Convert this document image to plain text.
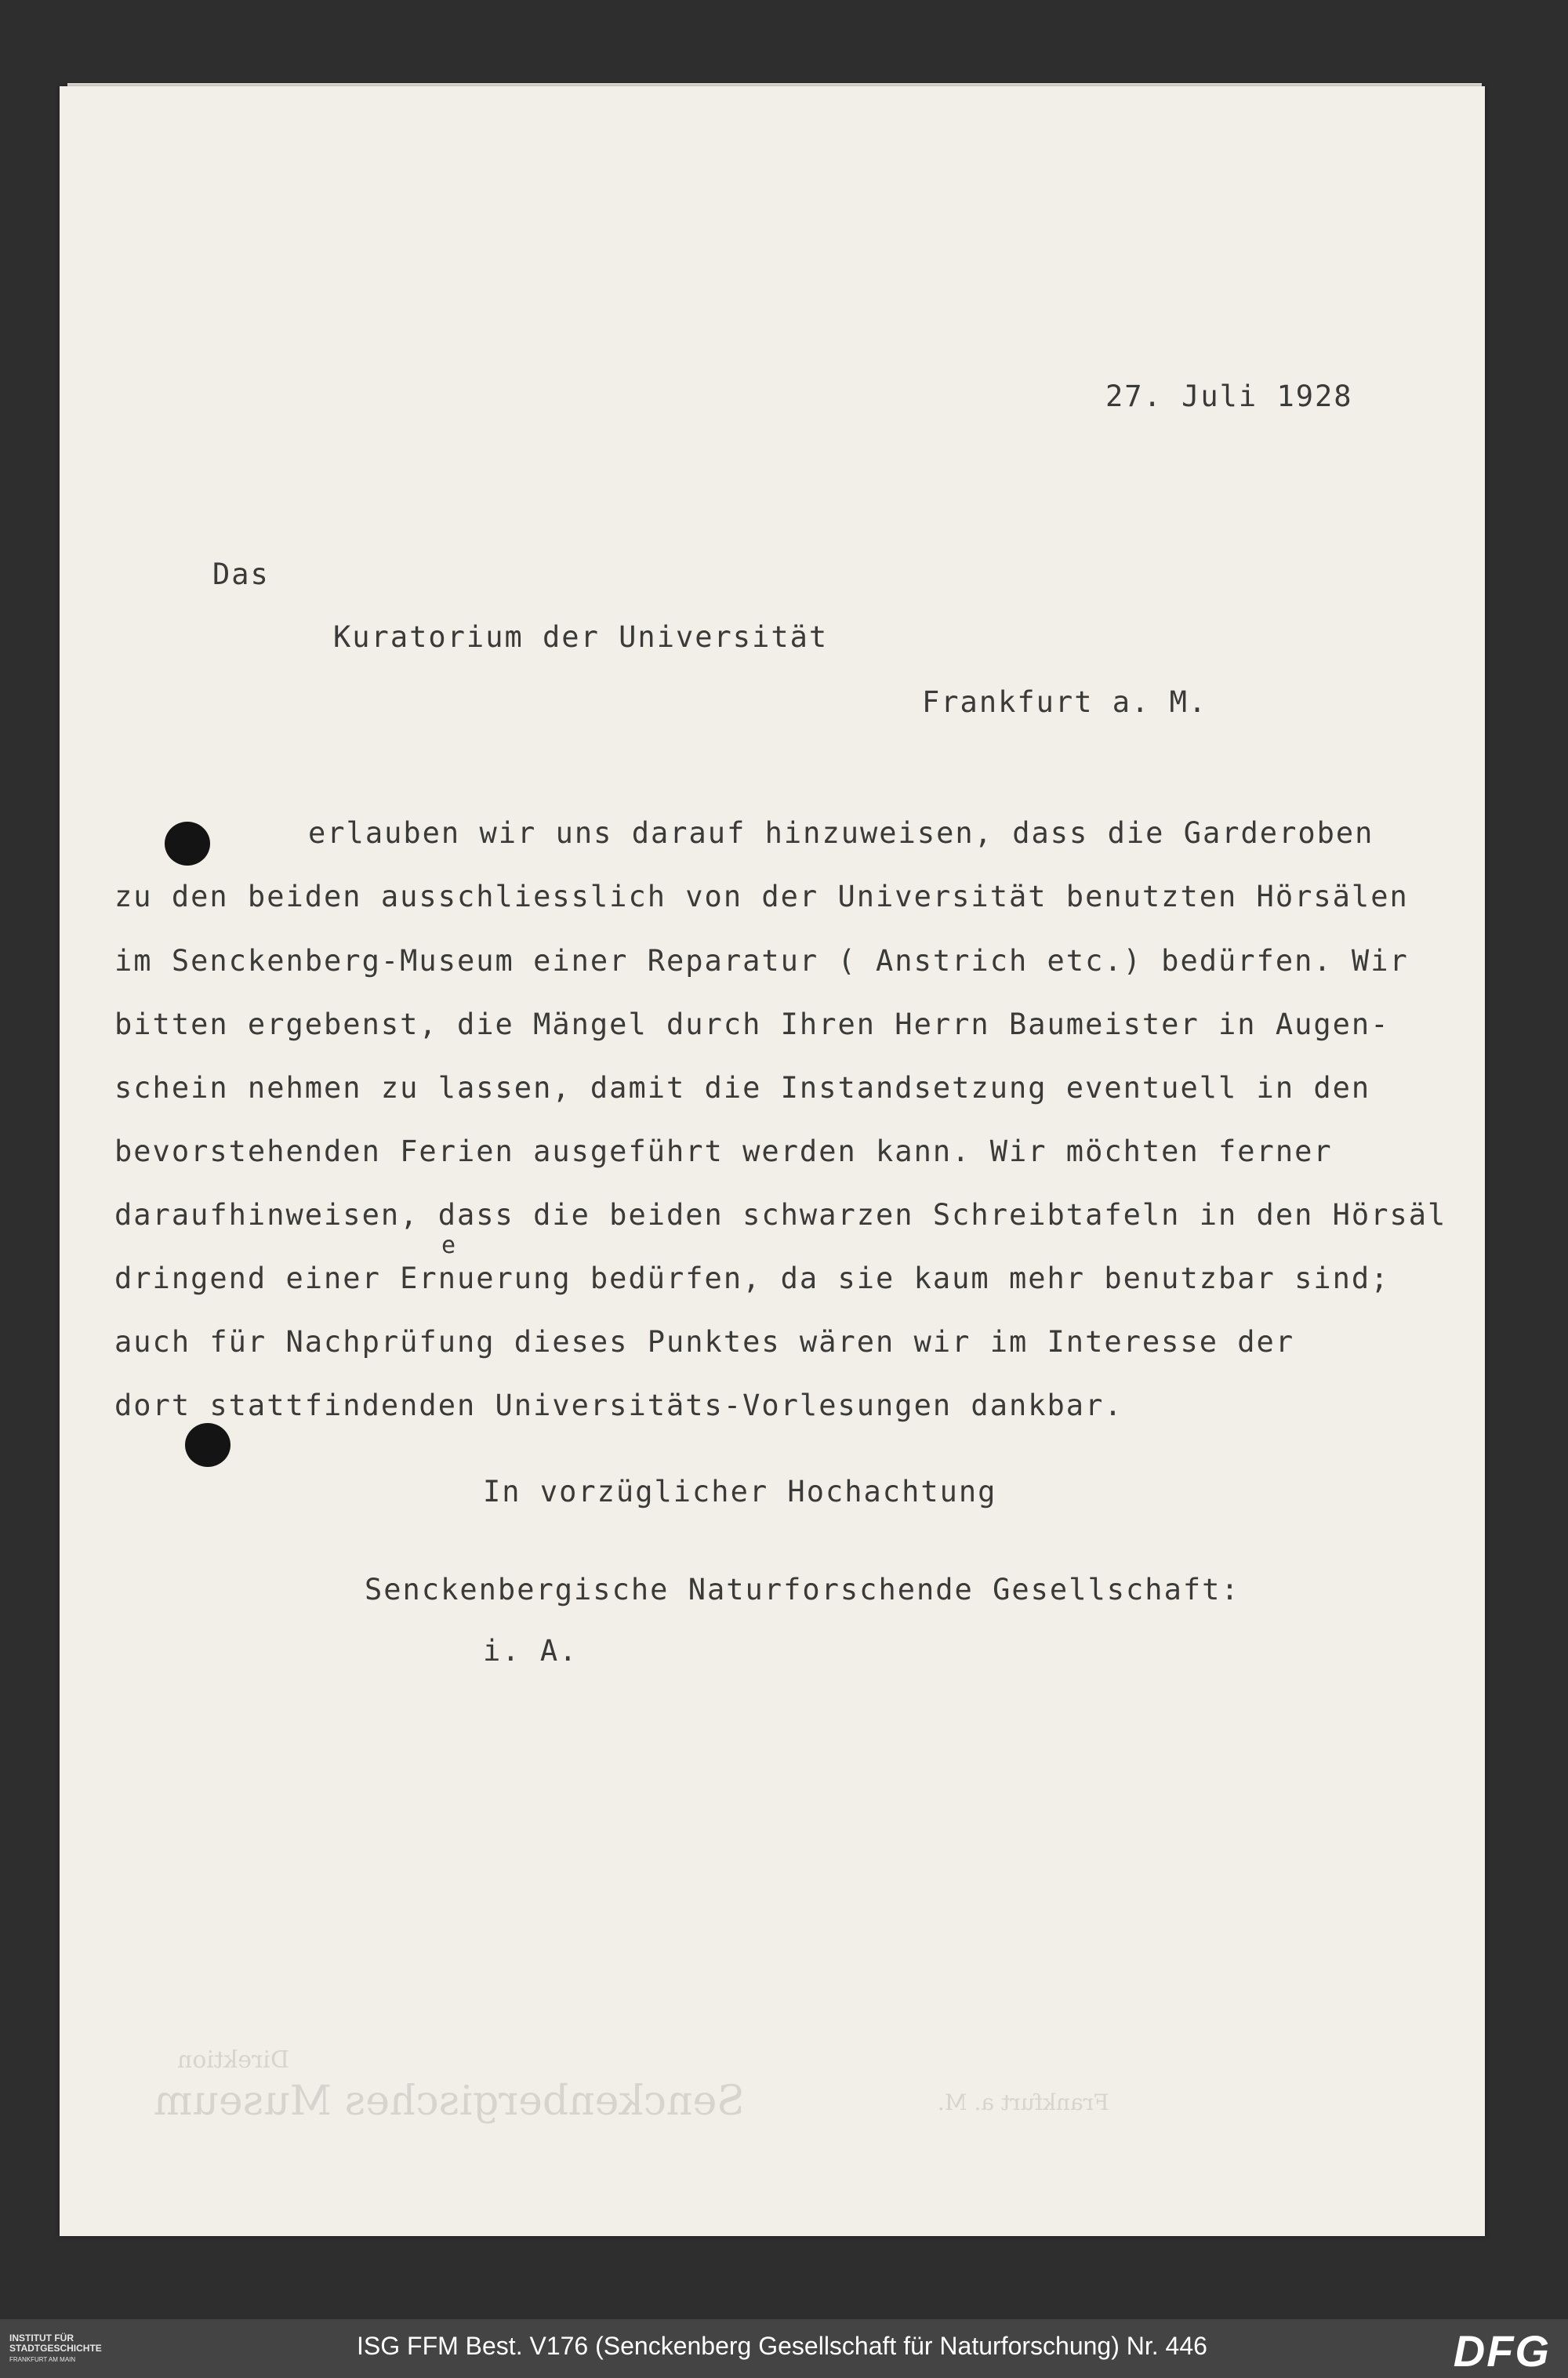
Senckenbergisches Museum
Direktion
Frankfurt a. M.
27. Juli 1928
Das
Kuratorium der Universität
Frankfurt a. M.
erlauben wir uns darauf hinzuweisen, dass die Garderoben
zu den beiden ausschliesslich von der Universität benutzten Hörsälen
im Senckenberg-Museum einer Reparatur ( Anstrich etc.) bedürfen. Wir
bitten ergebenst, die Mängel durch Ihren Herrn Baumeister in Augen-
schein nehmen zu lassen, damit die Instandsetzung eventuell in den
bevorstehenden Ferien ausgeführt werden kann. Wir möchten ferner
daraufhinweisen, dass die beiden schwarzen Schreibtafeln in den Hörsäl
e
dringend einer Ernuerung bedürfen, da sie kaum mehr benutzbar sind;
auch für Nachprüfung dieses Punktes wären wir im Interesse der
dort stattfindenden Universitäts-Vorlesungen dankbar.
In vorzüglicher Hochachtung
Senckenbergische Naturforschende Gesellschaft:
i. A.
INSTITUT FÜR
STADTGESCHICHTE
FRANKFURT AM MAIN	ISG FFM Best. V176 (Senckenberg Gesellschaft für Naturforschung) Nr. 446	DFG
